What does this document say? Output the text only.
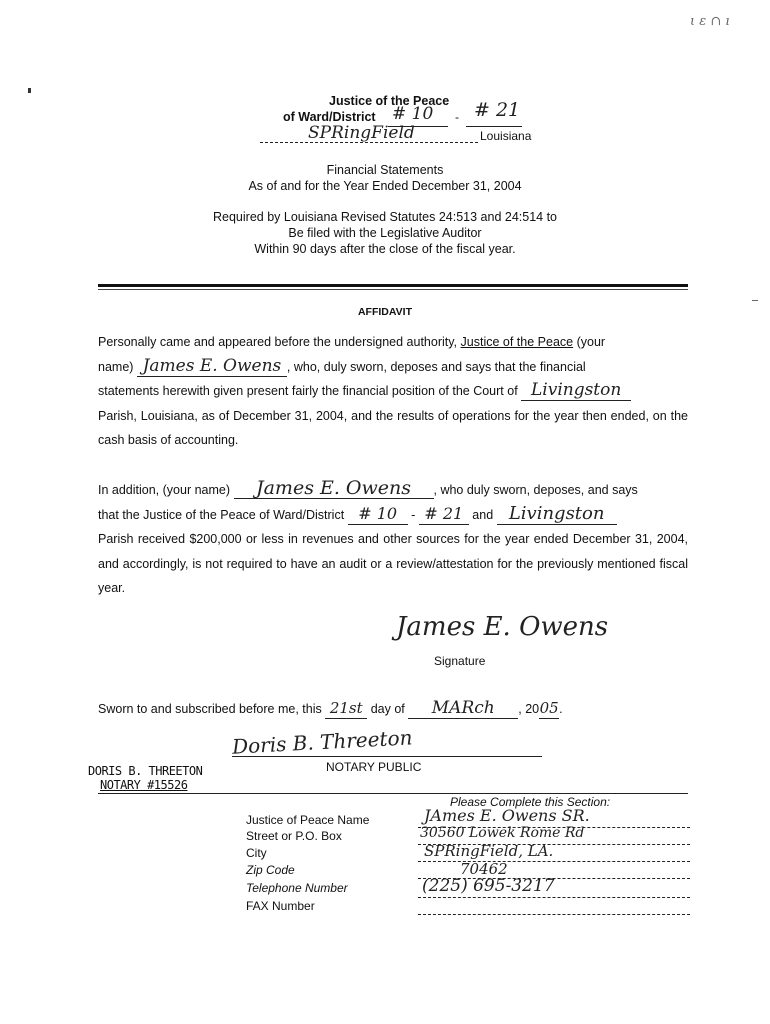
ι ε ∩ ı
Justice of the Peace
of Ward/District # 10 - # 21
SPRingField	Louisiana
Financial Statements
As of and for the Year Ended December 31, 2004
Required by Louisiana Revised Statutes 24:513 and 24:514 to
Be filed with the Legislative Auditor
Within 90 days after the close of the fiscal year.
AFFIDAVIT
Personally came and appeared before the undersigned authority, Justice of the Peace (your
name) James E. Owens , who, duly sworn, deposes and says that the financial
statements herewith given present fairly the financial position of the Court of Livingston
Parish, Louisiana, as of December 31, 2004, and the results of operations for the year then ended, on the cash basis of accounting.
In addition, (your name) James E. Owens , who duly sworn, deposes, and says
that the Justice of the Peace of Ward/District # 10 - # 21 and Livingston
Parish received $200,000 or less in revenues and other sources for the year ended December 31, 2004, and accordingly, is not required to have an audit or a review/attestation for the previously mentioned fiscal year.
James E. Owens
Signature
Sworn to and subscribed before me, this 21st day of MARch , 2005.
Doris B. Threeton
NOTARY PUBLIC
DORIS B. THREETON
NOTARY #15526
Please Complete this Section:
Justice of Peace Name
Street or P.O. Box
City
Zip Code
Telephone Number
FAX Number
JAmes E. Owens SR.
30560 Lowek Rome Rd
SPRingField, LA.
70462
(225) 695-3217
